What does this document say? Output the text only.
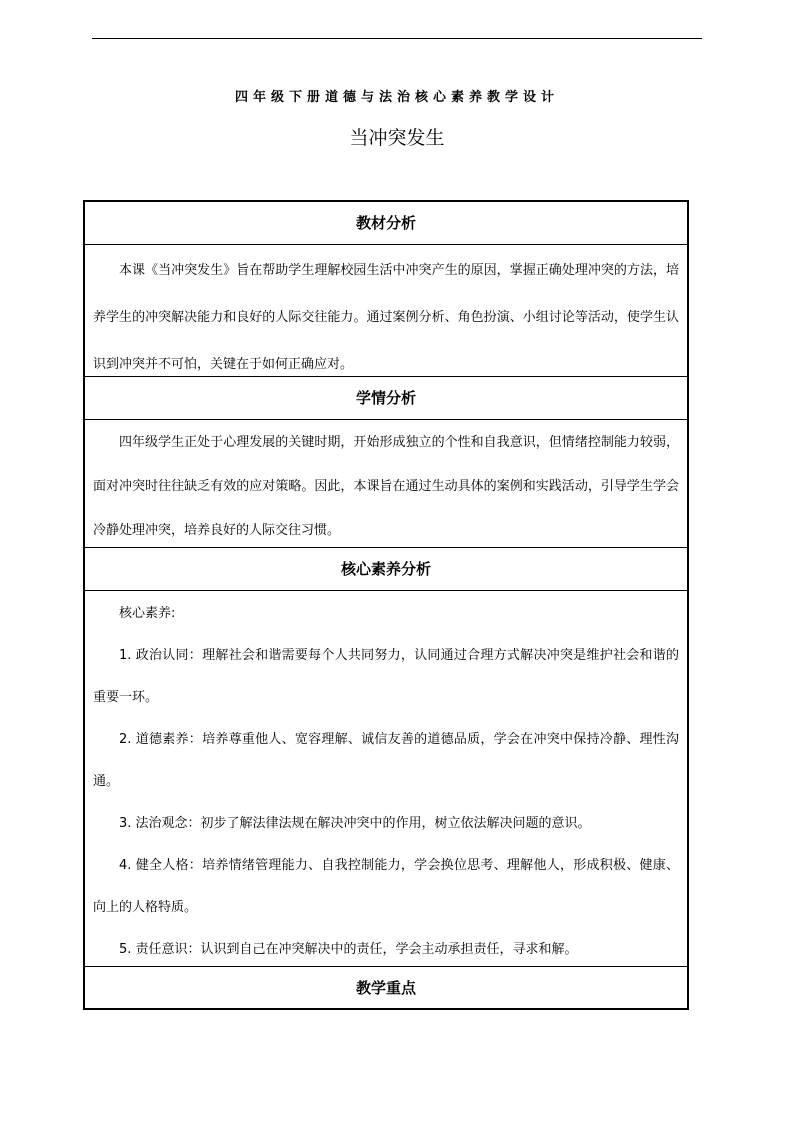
四年级下册道德与法治核心素养教学设计
当冲突发生
教材分析

本课《当冲突发生》旨在帮助学生理解校园生活中冲突产生的原因，掌握正确处理冲突的方法，培养学生的冲突解决能力和良好的人际交往能力。通过案例分析、角色扮演、小组讨论等活动，使学生认识到冲突并不可怕，关键在于如何正确应对。

学情分析

四年级学生正处于心理发展的关键时期，开始形成独立的个性和自我意识，但情绪控制能力较弱，面对冲突时往往缺乏有效的应对策略。因此，本课旨在通过生动具体的案例和实践活动，引导学生学会冷静处理冲突，培养良好的人际交往习惯。

核心素养分析

核心素养:

1. 政治认同：理解社会和谐需要每个人共同努力，认同通过合理方式解决冲突是维护社会和谐的重要一环。

2. 道德素养：培养尊重他人、宽容理解、诚信友善的道德品质，学会在冲突中保持冷静、理性沟通。

3. 法治观念：初步了解法律法规在解决冲突中的作用，树立依法解决问题的意识。

4. 健全人格：培养情绪管理能力、自我控制能力，学会换位思考、理解他人，形成积极、健康、向上的人格特质。

5. 责任意识：认识到自己在冲突解决中的责任，学会主动承担责任，寻求和解。

教学重点
